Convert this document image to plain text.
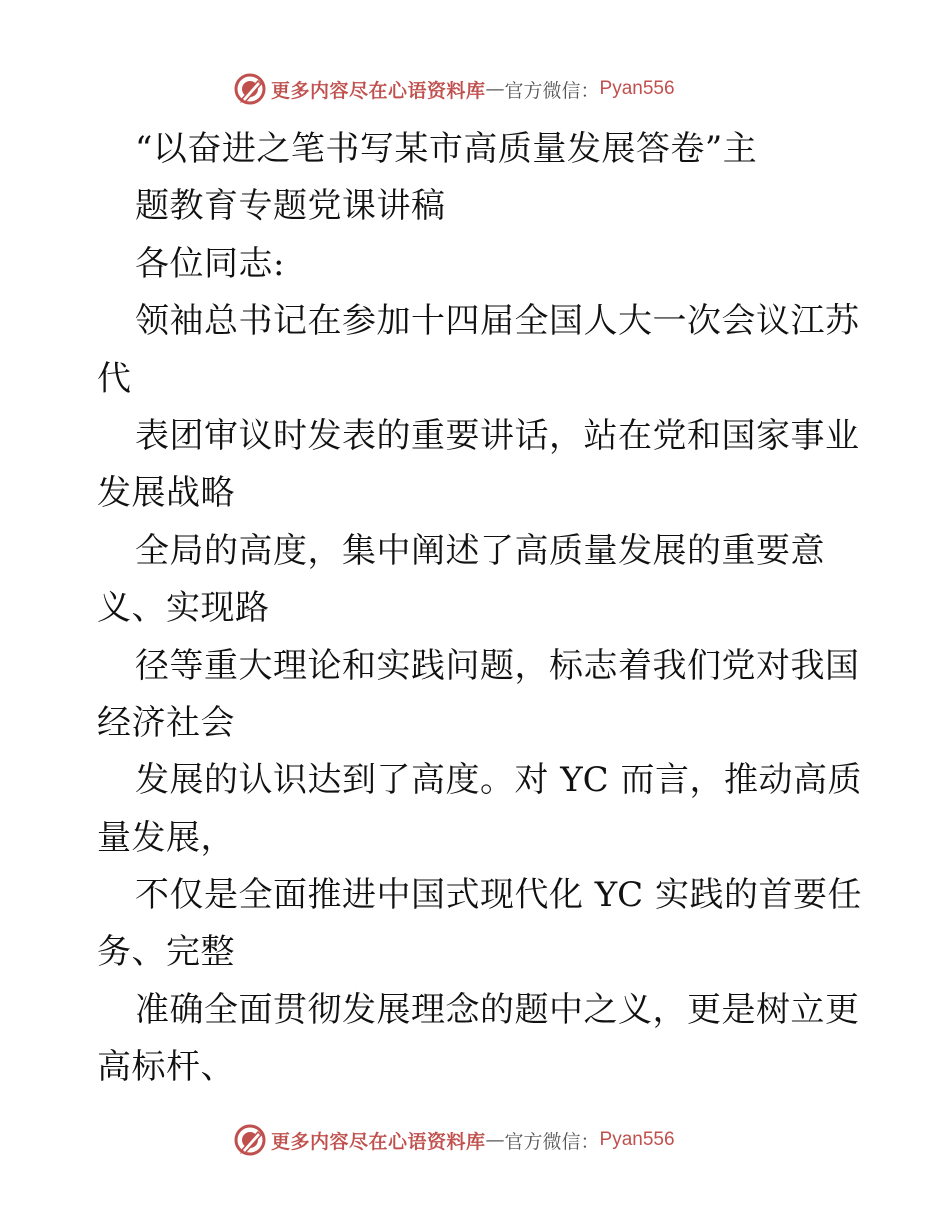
更多内容尽在心语资料库 — 官方微信： Pyan556
“以奋进之笔书写某市高质量发展答卷”主
题教育专题党课讲稿
各位同志:
领袖总书记在参加十四届全国人大一次会议江苏
代
表团审议时发表的重要讲话，站在党和国家事业
发展战略
全局的高度，集中阐述了高质量发展的重要意
义、实现路
径等重大理论和实践问题，标志着我们党对我国
经济社会
发展的认识达到了高度。对 YC 而言，推动高质
量发展，
不仅是全面推进中国式现代化 YC 实践的首要任
务、完整
准确全面贯彻发展理念的题中之义，更是树立更
高标杆、
更多内容尽在心语资料库 — 官方微信： Pyan556
